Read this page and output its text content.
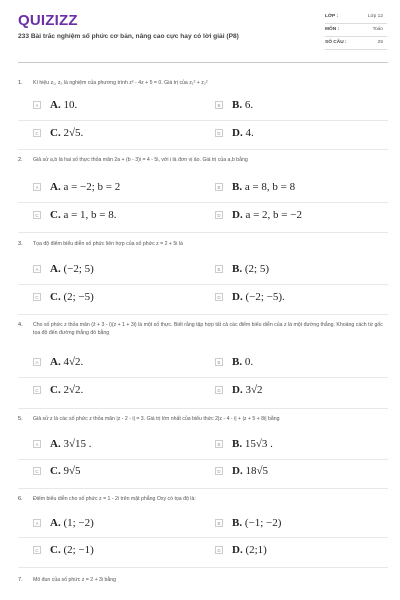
QUIZIZZ
233 Bài trắc nghiệm số phức cơ bản, nâng cao cực hay có lời giải (P8)
LỚP :	Lớp 12
MÔN :	Toán
SỐ CÂU :	25
1. Kí hiệu z₁, z₂ là nghiệm của phương trình z² - 4z + 5 = 0. Giá trị của z₁² + z₂²
A A. 10.	B B. 6.
C C. 2√5.	D D. 4.
2. Giả sử a,b là hai số thực thỏa mãn 2a + (b - 3)i = 4 - 5i, với i là đơn vị ảo. Giá trị của a,b bằng
A A. a = −2; b = 2	B B. a = 8, b = 8
C C. a = 1, b = 8.	D D. a = 2, b = −2
3. Tọa độ điểm biểu diễn số phức liên hợp của số phức z = 2 + 5i là
A A. (−2; 5)	B B. (2; 5)
C C. (2; −5)	D D. (−2; −5).
4. Cho số phức z thỏa mãn (z̄ + 3 - i)(z + 1 + 3i) là một số thực. Biết rằng tập hợp tất cả các điểm biểu diễn của z là một đường thẳng. Khoảng cách từ gốc tọa độ đến đường thẳng đó bằng
A A. 4√2.	B B. 0.
C C. 2√2.	D D. 3√2
5. Giả sử z là các số phức z thỏa mãn |z - 2 - i| = 3. Giá trị lớn nhất của biểu thức 2|z - 4 - i| + |z + 5 + 8i| bằng
A A. 3√15 .	B B. 15√3 .
C C. 9√5	D D. 18√5
6. Điểm biểu diễn cho số phức z = 1 - 2i trên mặt phẳng Oxy có tọa độ là:
A A. (1; −2)	B B. (−1; −2)
C C. (2; −1)	D D. (2;1)
7. Mô đun của số phức z = 2 + 3i bằng
